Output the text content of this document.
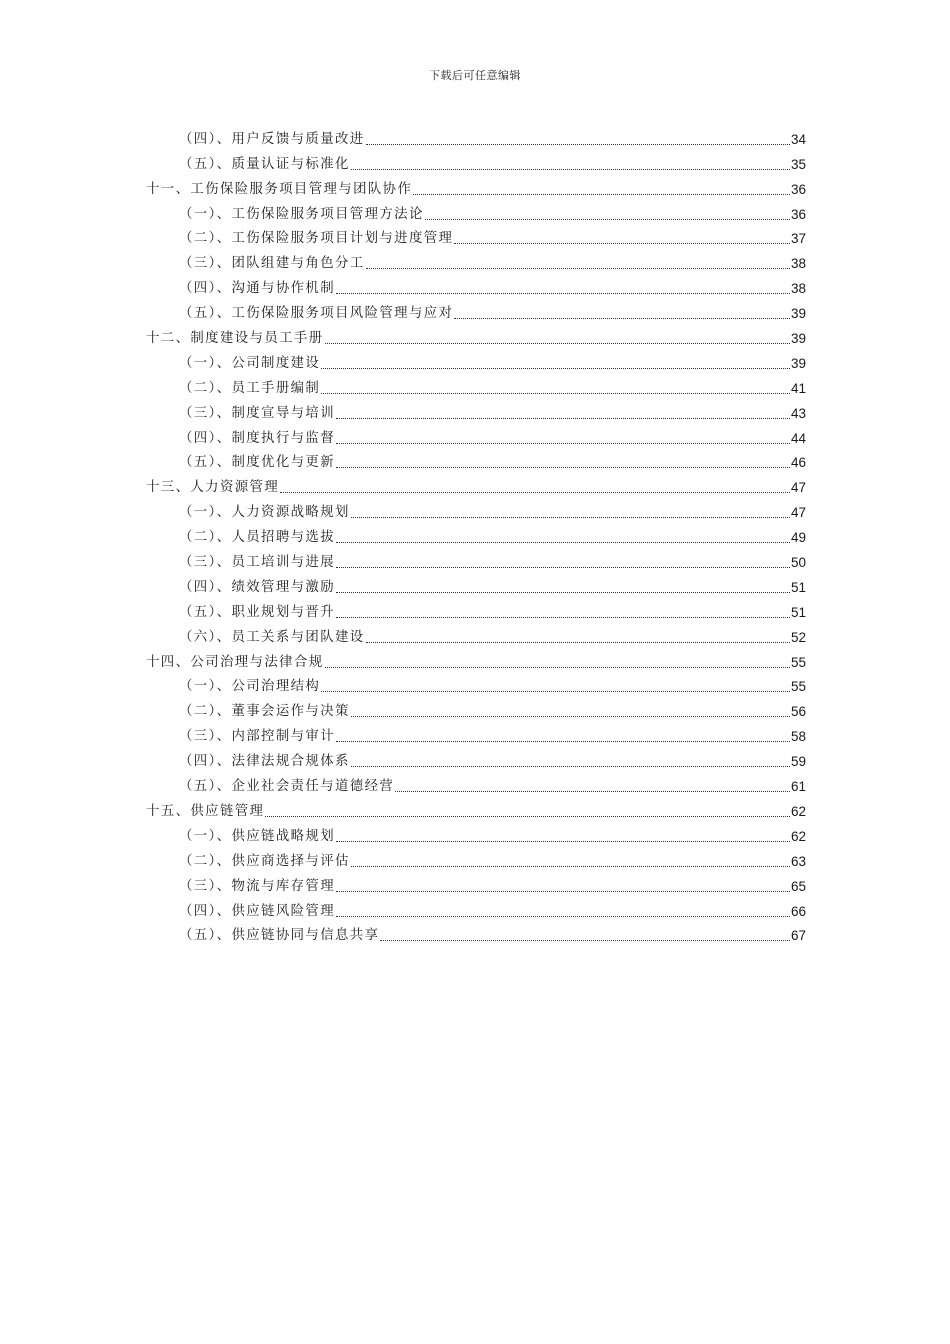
下载后可任意编辑
（四）、用户反馈与质量改进	34
（五）、质量认证与标准化	35
十一、工伤保险服务项目管理与团队协作	36
（一）、工伤保险服务项目管理方法论	36
（二）、工伤保险服务项目计划与进度管理	37
（三）、团队组建与角色分工	38
（四）、沟通与协作机制	38
（五）、工伤保险服务项目风险管理与应对	39
十二、制度建设与员工手册	39
（一）、公司制度建设	39
（二）、员工手册编制	41
（三）、制度宣导与培训	43
（四）、制度执行与监督	44
（五）、制度优化与更新	46
十三、人力资源管理	47
（一）、人力资源战略规划	47
（二）、人员招聘与选拔	49
（三）、员工培训与进展	50
（四）、绩效管理与激励	51
（五）、职业规划与晋升	51
（六）、员工关系与团队建设	52
十四、公司治理与法律合规	55
（一）、公司治理结构	55
（二）、董事会运作与决策	56
（三）、内部控制与审计	58
（四）、法律法规合规体系	59
（五）、企业社会责任与道德经营	61
十五、供应链管理	62
（一）、供应链战略规划	62
（二）、供应商选择与评估	63
（三）、物流与库存管理	65
（四）、供应链风险管理	66
（五）、供应链协同与信息共享	67
